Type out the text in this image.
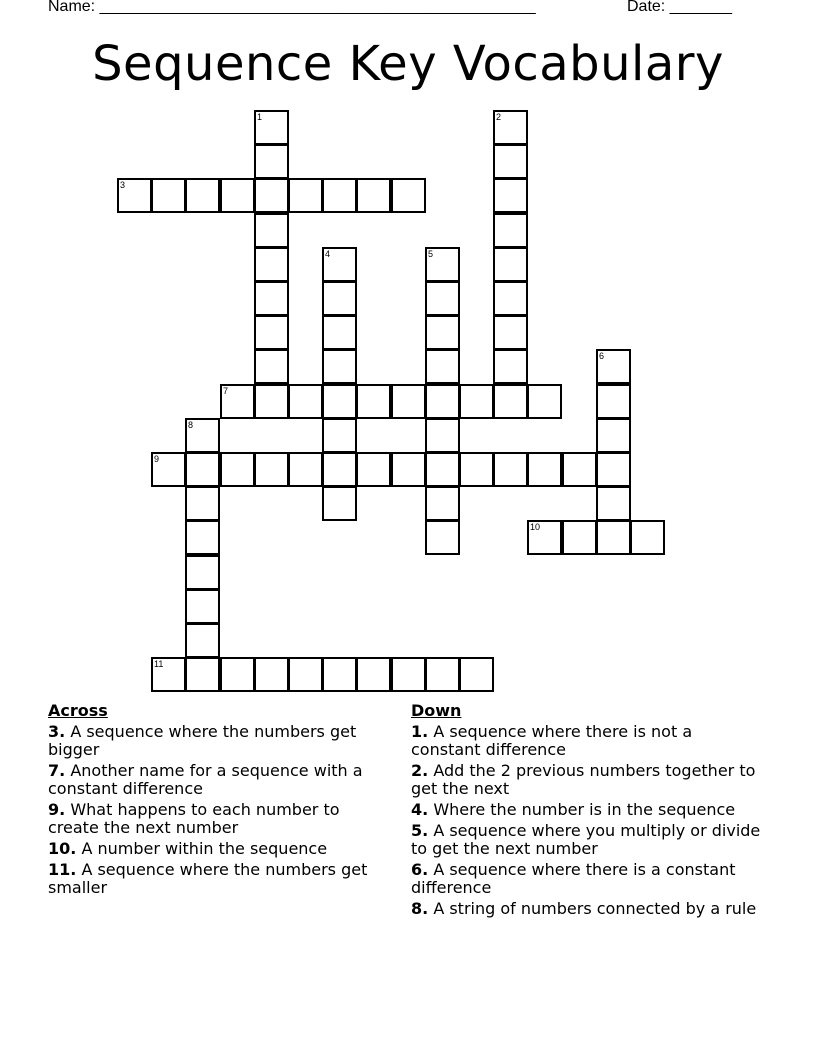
Name: _________________________________________________	Date: _______
Sequence Key Vocabulary
1	2
3
4	5
6
7
8
9
10
11
Across
3. A sequence where the numbers get bigger
7. Another name for a sequence with a constant difference
9. What happens to each number to create the next number
10. A number within the sequence
11. A sequence where the numbers get smaller
Down
1. A sequence where there is not a constant difference
2. Add the 2 previous numbers together to get the next
4. Where the number is in the sequence
5. A sequence where you multiply or divide to get the next number
6. A sequence where there is a constant difference
8. A string of numbers connected by a rule
